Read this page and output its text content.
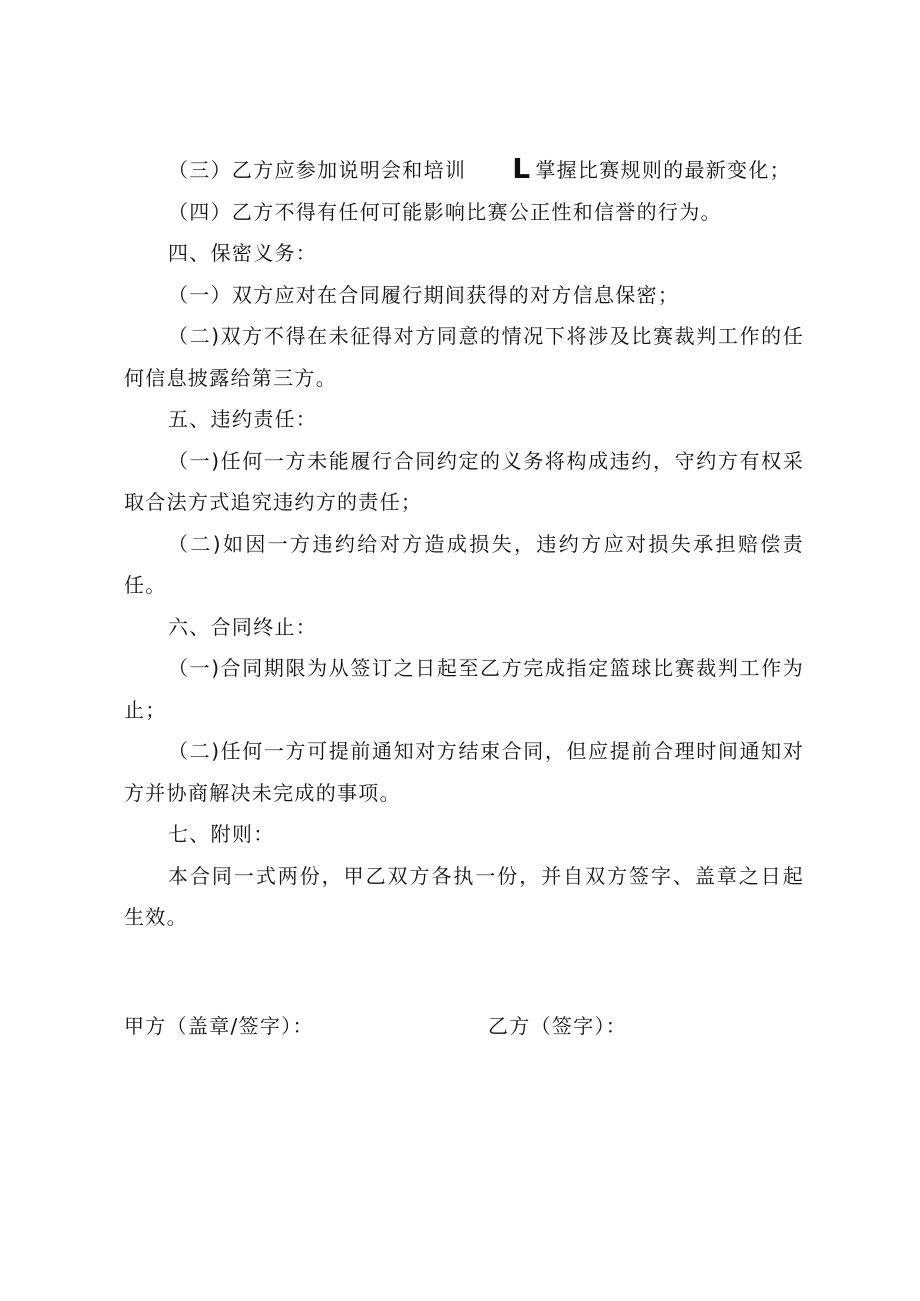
（三）乙方应参加说明会和培训 L 掌握比赛规则的最新变化；

（四）乙方不得有任何可能影响比赛公正性和信誉的行为。

四、保密义务：

（一）双方应对在合同履行期间获得的对方信息保密；

（二)双方不得在未征得对方同意的情况下将涉及比赛裁判工作的任何信息披露给第三方。

五、违约责任：

（一)任何一方未能履行合同约定的义务将构成违约，守约方有权采取合法方式追究违约方的责任；

（二)如因一方违约给对方造成损失，违约方应对损失承担赔偿责任。

六、合同终止：

（一)合同期限为从签订之日起至乙方完成指定篮球比赛裁判工作为止；

（二)任何一方可提前通知对方结束合同，但应提前合理时间通知对方并协商解决未完成的事项。

七、附则：

本合同一式两份，甲乙双方各执一份，并自双方签字、盖章之日起生效。

甲方（盖章/签字）：	乙方（签字）：
